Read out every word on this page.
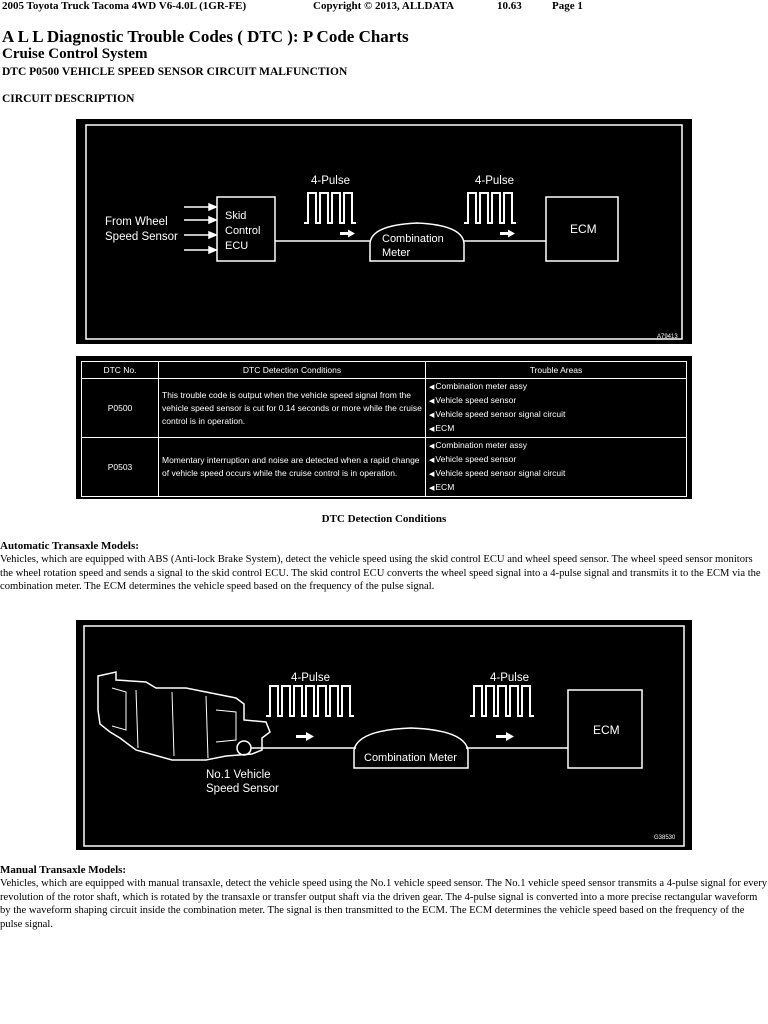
2005 Toyota Truck Tacoma 4WD V6-4.0L (1GR-FE)	Copyright © 2013, ALLDATA	10.63	Page 1
A L L Diagnostic Trouble Codes ( DTC ): P Code Charts
Cruise Control System
DTC P0500 VEHICLE SPEED SENSOR CIRCUIT MALFUNCTION
CIRCUIT DESCRIPTION
From Wheel
Speed Sensor
Skid
Control
ECU
4-Pulse	4-Pulse
Combination
Meter
ECM
A79413
DTC No.	DTC Detection Conditions	Trouble Areas
P0500	This trouble code is output when the vehicle speed signal from the vehicle speed sensor is cut for 0.14 seconds or more while the cruise control is in operation.	◀Combination meter assy
◀Vehicle speed sensor
◀Vehicle speed sensor signal circuit
◀ECM

P0503	Momentary interruption and noise are detected when a rapid change of vehicle speed occurs while the cruise control is in operation.	◀Combination meter assy
◀Vehicle speed sensor
◀Vehicle speed sensor signal circuit
◀ECM
DTC Detection Conditions
Automatic Transaxle Models:
Vehicles, which are equipped with ABS (Anti-lock Brake System), detect the vehicle speed using the skid control ECU and wheel speed sensor. The wheel speed sensor monitors the wheel rotation speed and sends a signal to the skid control ECU. The skid control ECU converts the wheel speed signal into a 4-pulse signal and transmits it to the ECM via the combination meter. The ECM determines the vehicle speed based on the frequency of the pulse signal.
No.1 Vehicle
Speed Sensor
4-Pulse	4-Pulse
Combination Meter
ECM
G38530
Manual Transaxle Models:
Vehicles, which are equipped with manual transaxle, detect the vehicle speed using the No.1 vehicle speed sensor. The No.1 vehicle speed sensor transmits a 4-pulse signal for every revolution of the rotor shaft, which is rotated by the transaxle or transfer output shaft via the driven gear. The 4-pulse signal is converted into a more precise rectangular waveform by the waveform shaping circuit inside the combination meter. The signal is then transmitted to the ECM. The ECM determines the vehicle speed based on the frequency of the pulse signal.
